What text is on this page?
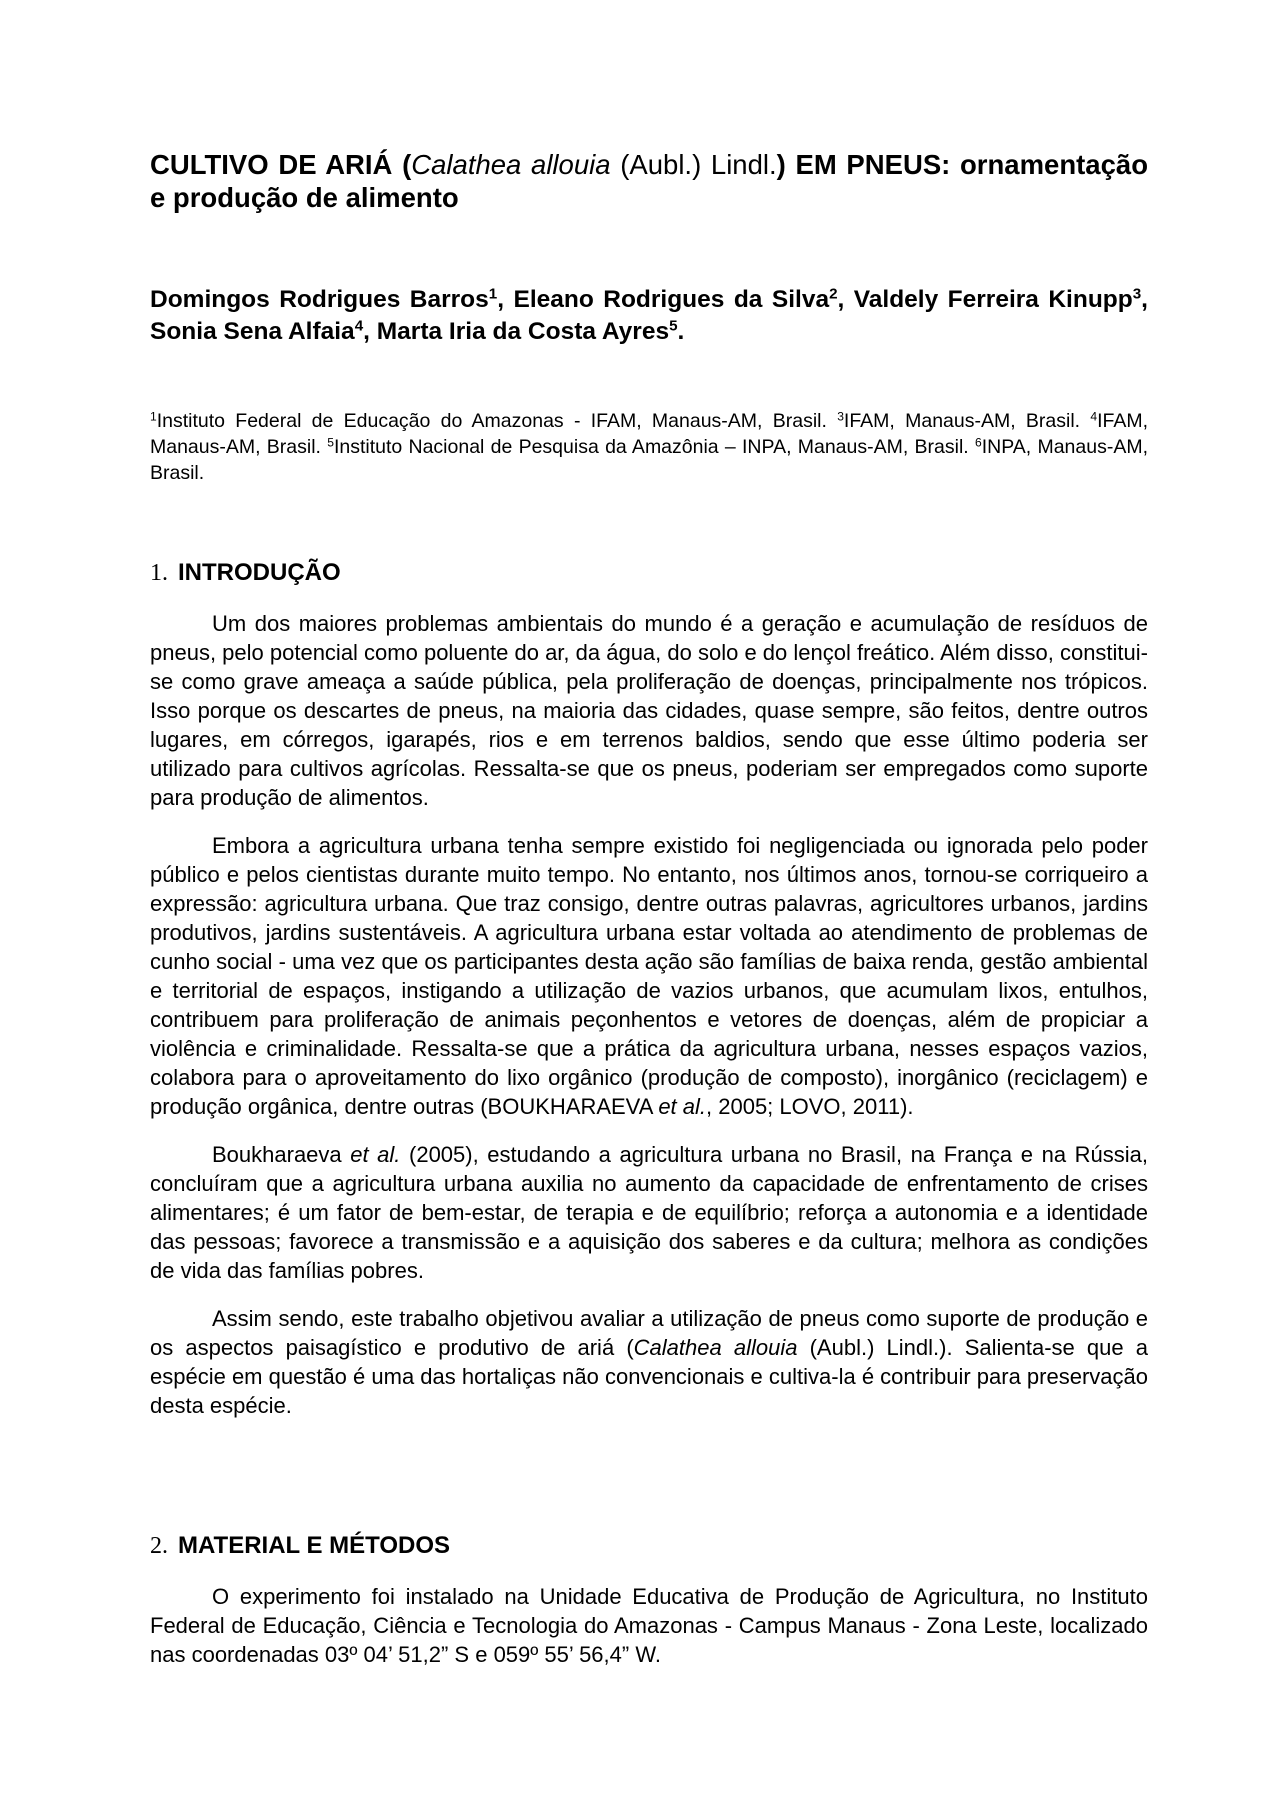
CULTIVO DE ARIÁ (Calathea allouia (Aubl.) Lindl.) EM PNEUS: ornamentação e produção de alimento

Domingos Rodrigues Barros$^1$, Eleano Rodrigues da Silva$^2$, Valdely Ferreira Kinupp$^3$, Sonia Sena Alfaia$^4$, Marta Iria da Costa Ayres$^5$.

$^1$Instituto Federal de Educação do Amazonas - IFAM, Manaus-AM, Brasil. $^3$IFAM, Manaus-AM, Brasil. $^4$IFAM, Manaus-AM, Brasil. $^5$Instituto Nacional de Pesquisa da Amazônia – INPA, Manaus-AM, Brasil. $^6$INPA, Manaus-AM, Brasil.

1. INTRODUÇÃO

Um dos maiores problemas ambientais do mundo é a geração e acumulação de resíduos de pneus, pelo potencial como poluente do ar, da água, do solo e do lençol freático. Além disso, constitui-se como grave ameaça a saúde pública, pela proliferação de doenças, principalmente nos trópicos. Isso porque os descartes de pneus, na maioria das cidades, quase sempre, são feitos, dentre outros lugares, em córregos, igarapés, rios e em terrenos baldios, sendo que esse último poderia ser utilizado para cultivos agrícolas. Ressalta-se que os pneus, poderiam ser empregados como suporte para produção de alimentos.

Embora a agricultura urbana tenha sempre existido foi negligenciada ou ignorada pelo poder público e pelos cientistas durante muito tempo. No entanto, nos últimos anos, tornou-se corriqueiro a expressão: agricultura urbana. Que traz consigo, dentre outras palavras, agricultores urbanos, jardins produtivos, jardins sustentáveis. A agricultura urbana estar voltada ao atendimento de problemas de cunho social - uma vez que os participantes desta ação são famílias de baixa renda, gestão ambiental e territorial de espaços, instigando a utilização de vazios urbanos, que acumulam lixos, entulhos, contribuem para proliferação de animais peçonhentos e vetores de doenças, além de propiciar a violência e criminalidade. Ressalta-se que a prática da agricultura urbana, nesses espaços vazios, colabora para o aproveitamento do lixo orgânico (produção de composto), inorgânico (reciclagem) e produção orgânica, dentre outras (BOUKHARAEVA et al., 2005; LOVO, 2011).

Boukharaeva et al. (2005), estudando a agricultura urbana no Brasil, na França e na Rússia, concluíram que a agricultura urbana auxilia no aumento da capacidade de enfrentamento de crises alimentares; é um fator de bem-estar, de terapia e de equilíbrio; reforça a autonomia e a identidade das pessoas; favorece a transmissão e a aquisição dos saberes e da cultura; melhora as condições de vida das famílias pobres.

Assim sendo, este trabalho objetivou avaliar a utilização de pneus como suporte de produção e os aspectos paisagístico e produtivo de ariá (Calathea allouia (Aubl.) Lindl.). Salienta-se que a espécie em questão é uma das hortaliças não convencionais e cultiva-la é contribuir para preservação desta espécie.

2. MATERIAL E MÉTODOS

O experimento foi instalado na Unidade Educativa de Produção de Agricultura, no Instituto Federal de Educação, Ciência e Tecnologia do Amazonas - Campus Manaus - Zona Leste, localizado nas coordenadas 03º 04’ 51,2” S e 059º 55’ 56,4” W.
